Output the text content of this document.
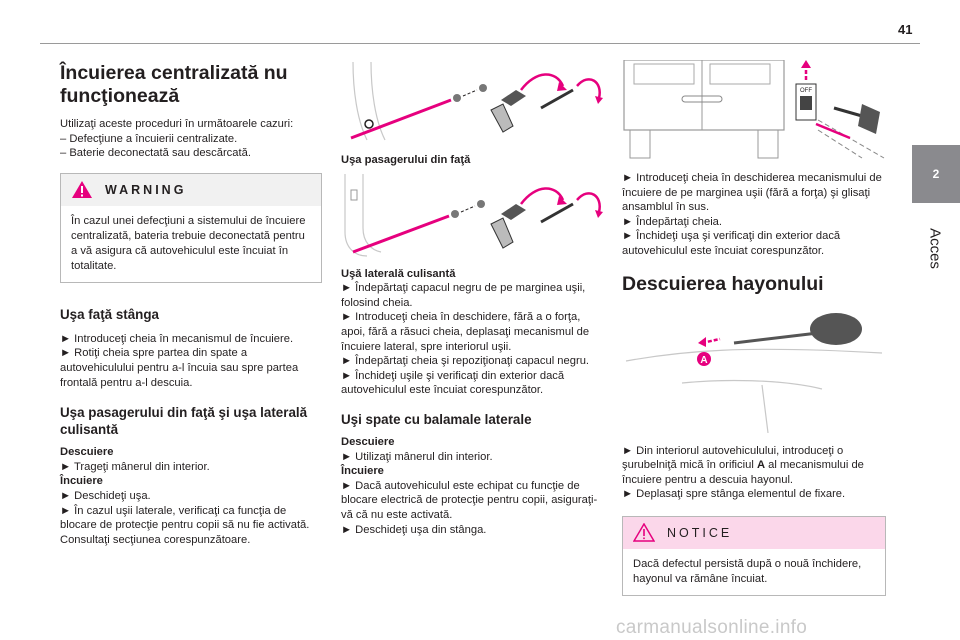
41
2
Acces
Încuierea centralizată nu funcţionează

Utilizaţi aceste proceduri în următoarele cazuri:

– Defecţiune a încuierii centralizate.

– Baterie deconectată sau descărcată.

WARNING
În cazul unei defecţiuni a sistemului de încuiere centralizată, bateria trebuie deconectată pentru a vă asigura că autovehiculul este încuiat în totalitate.
Uşa faţă stânga

► Introduceţi cheia în mecanismul de încuiere.

► Rotiţi cheia spre partea din spate a autovehiculului pentru a-l încuia sau spre partea frontală pentru a-l descuia.

Uşa pasagerului din faţă şi uşa laterală culisantă

Descuiere

► Trageţi mânerul din interior.

Încuiere

► Deschideţi uşa.

► În cazul uşii laterale, verificaţi ca funcţia de blocare de protecţie pentru copii să nu fie activată. Consultaţi secţiunea corespunzătoare.

Uşa pasagerului din faţă

Uşă laterală culisantă

► Îndepărtaţi capacul negru de pe marginea uşii, folosind cheia.

► Introduceţi cheia în deschidere, fără a o forţa, apoi, fără a răsuci cheia, deplasaţi mecanismul de încuiere lateral, spre interiorul uşii.

► Îndepărtaţi cheia şi repoziţionaţi capacul negru.

► Închideţi uşile şi verificaţi din exterior dacă autovehiculul este încuiat corespunzător.

Uşi spate cu balamale laterale

Descuiere

► Utilizaţi mânerul din interior.

Încuiere

► Dacă autovehiculul este echipat cu funcţie de blocare electrică de protecţie pentru copii, asiguraţi-vă că nu este activată.

► Deschideţi uşa din stânga.

OFF

► Introduceţi cheia în deschiderea mecanismului de încuiere de pe marginea uşii (fără a forţa) şi glisaţi ansamblul în sus.

► Îndepărtaţi cheia.

► Închideţi uşa şi verificaţi din exterior dacă autovehiculul este încuiat corespunzător.

Descuierea hayonului
A

► Din interiorul autovehiculului, introduceţi o şurubelniţă mică în orificiul A al mecanismului de încuiere pentru a descuia hayonul.

► Deplasaţi spre stânga elementul de fixare.

NOTICE
Dacă defectul persistă după o nouă închidere, hayonul va rămâne încuiat.
carmanualsonline.info
